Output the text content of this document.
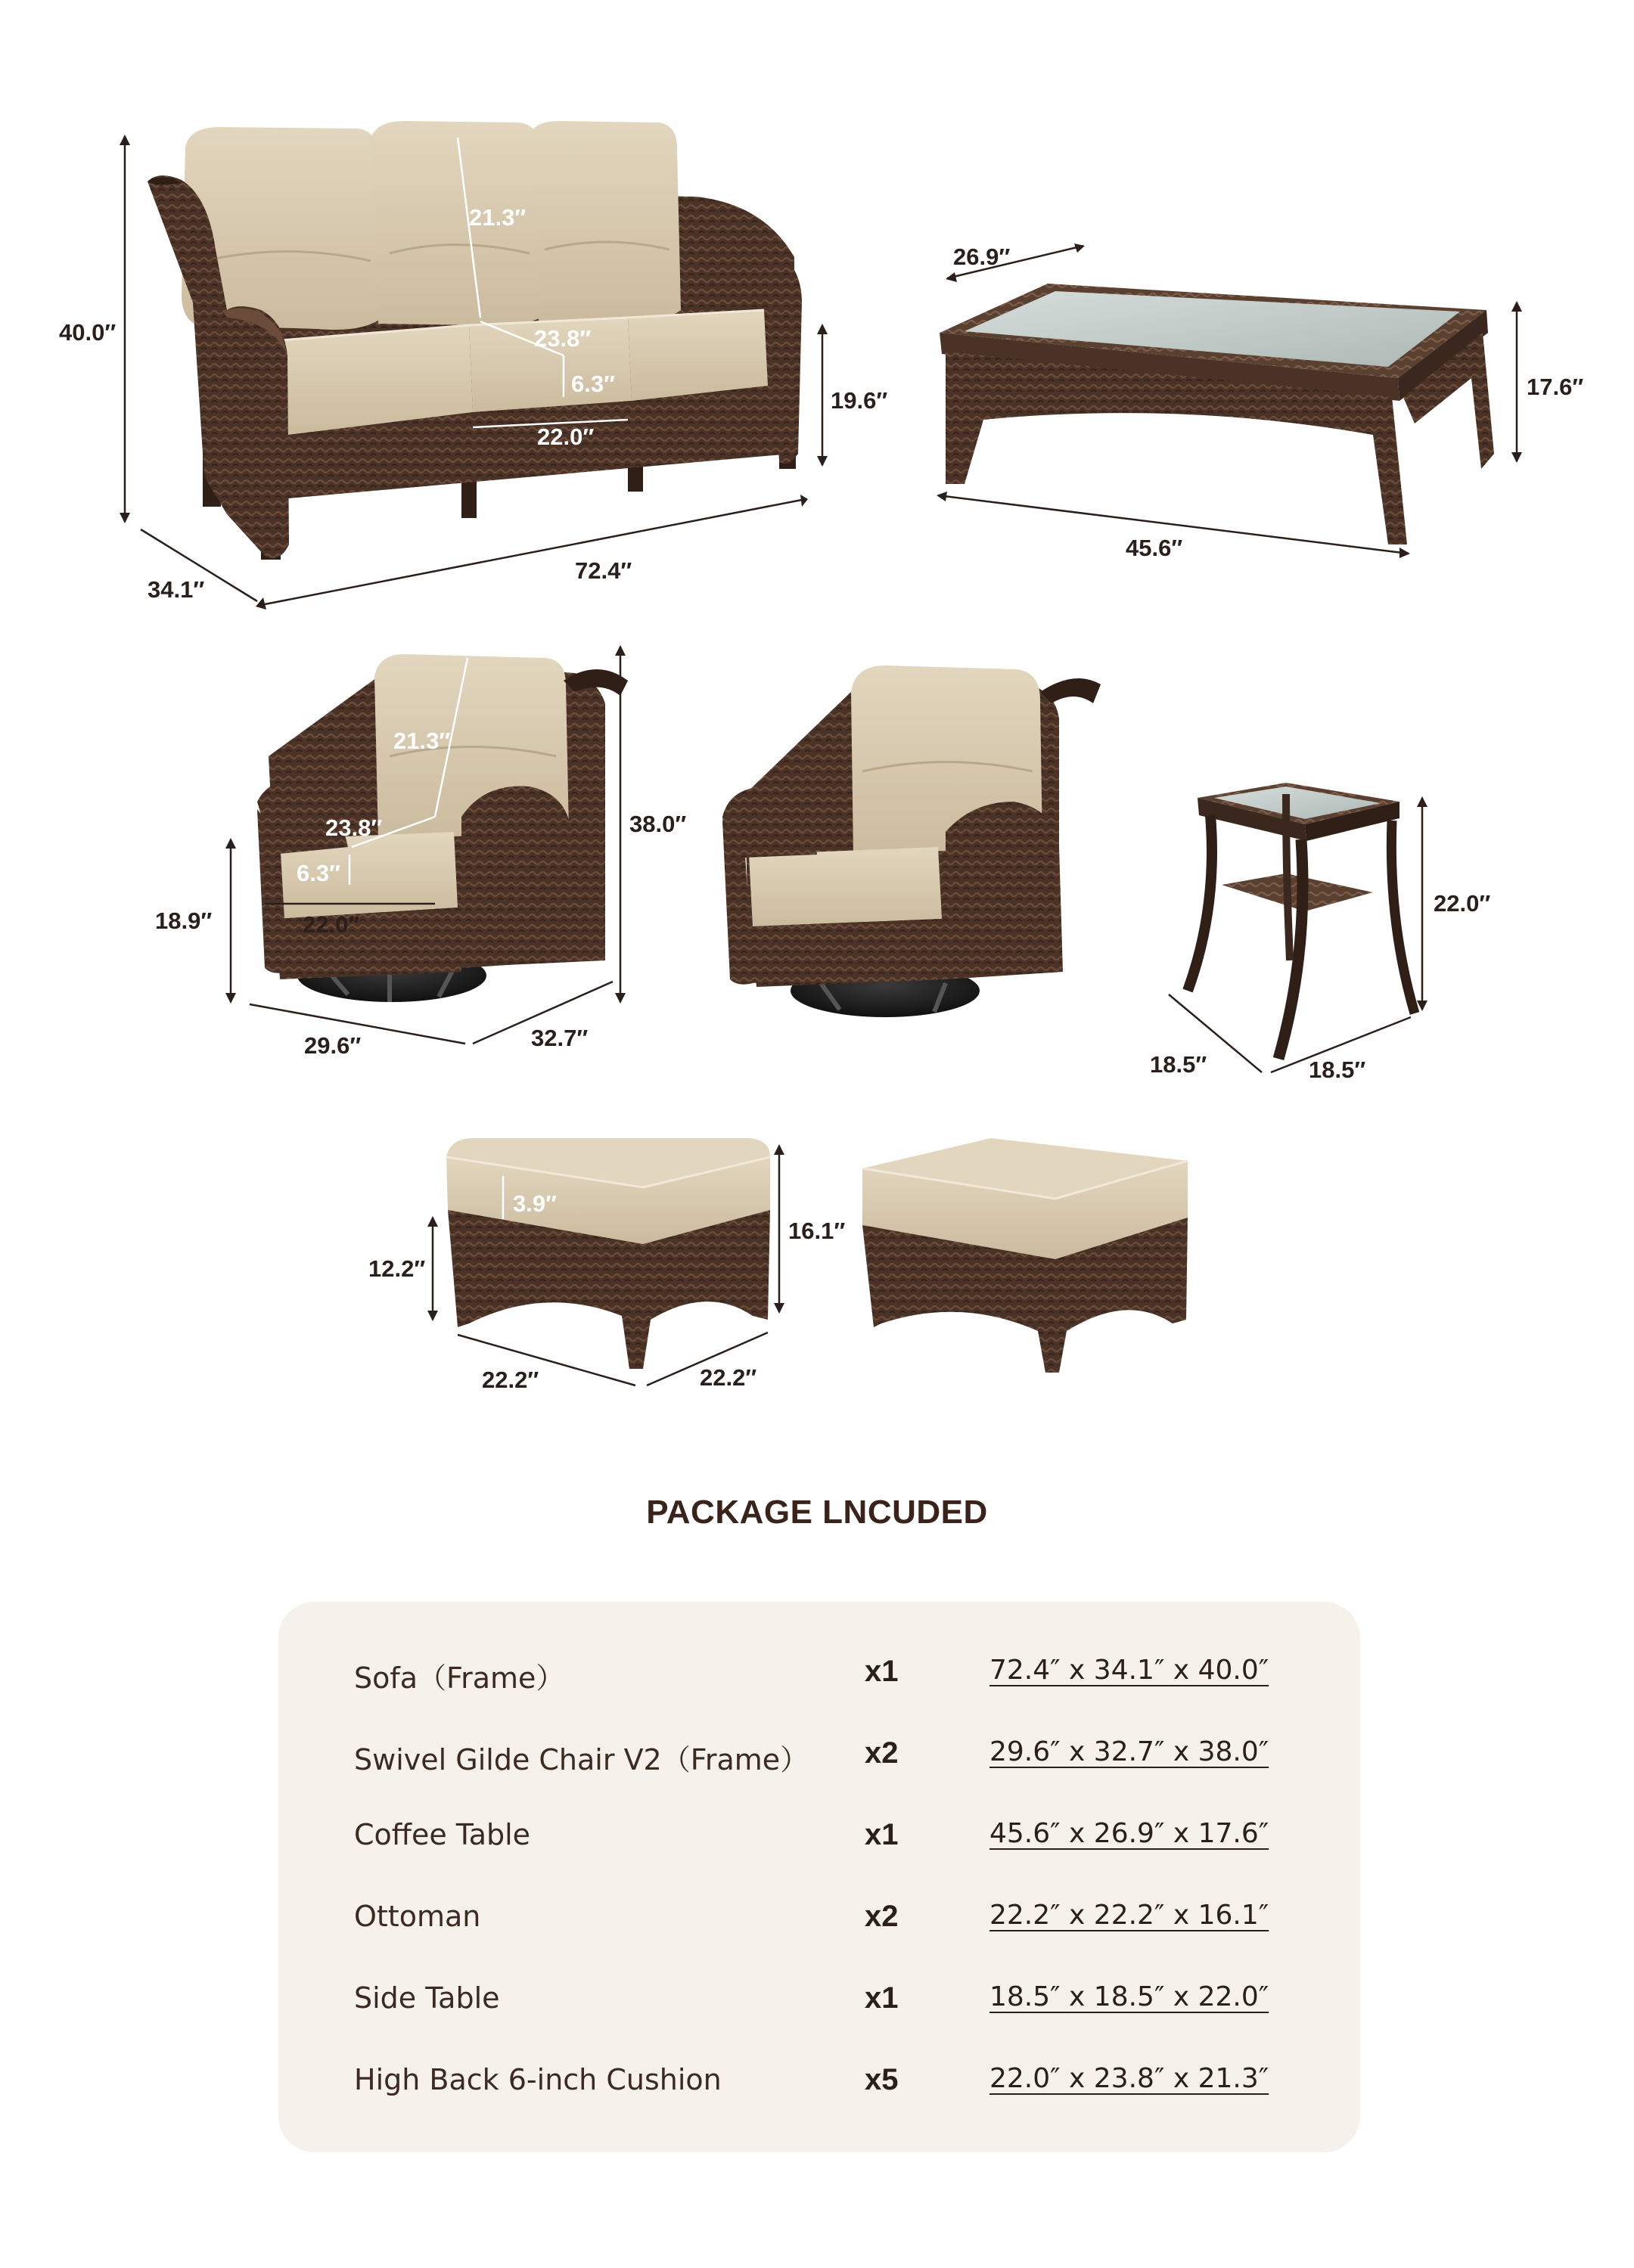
40.0″
34.1″
72.4″
19.6″
21.3″
23.8″
6.3″
22.0″
26.9″
17.6″
45.6″
21.3″
23.8″
6.3″
22.0″
18.9″
38.0″
29.6″	32.7″
22.0″
18.5″	18.5″
3.9″
16.1″
12.2″
22.2″	22.2″
PACKAGE LNCUDED
Sofa（Frame）	x1	72.4″ x 34.1″ x 40.0″
Swivel Gilde Chair V2（Frame） x2	29.6″ x 32.7″ x 38.0″
Coffee Table	x1	45.6″ x 26.9″ x 17.6″
Ottoman	x2	22.2″ x 22.2″ x 16.1″
Side Table	x1	18.5″ x 18.5″ x 22.0″
High Back 6-inch Cushion	x5	22.0″ x 23.8″ x 21.3″
